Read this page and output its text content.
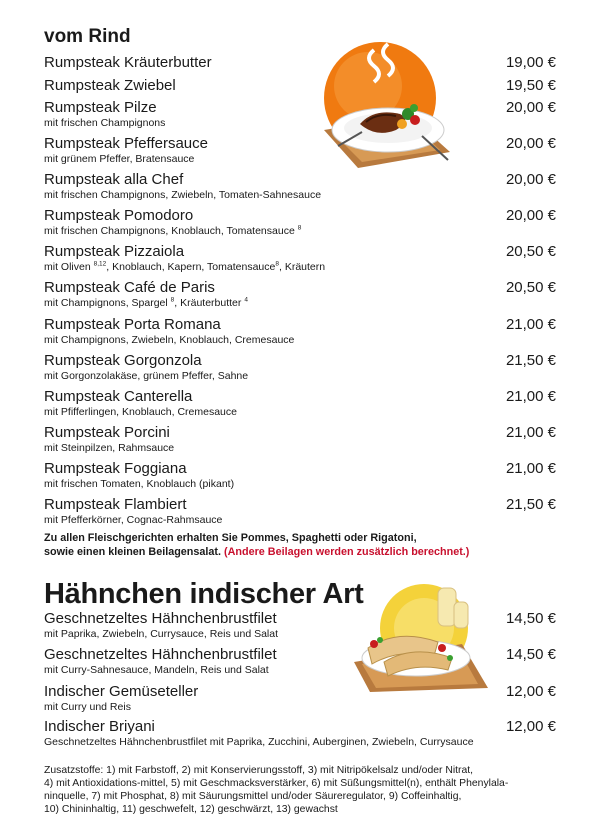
vom Rind
Rumpsteak Kräuterbutter	19,00 €
Rumpsteak Zwiebel	19,50 €
Rumpsteak Pilze
mit frischen Champignons
20,00 €
Rumpsteak Pfeffersauce
mit grünem Pfeffer, Bratensauce
20,00 €
Rumpsteak alla Chef
mit frischen Champignons, Zwiebeln, Tomaten-Sahnesauce
20,00 €
Rumpsteak Pomodoro
mit frischen Champignons, Knoblauch, Tomatensauce $^8$
20,00 €
Rumpsteak Pizzaiola
mit Oliven $^{8,12}$, Knoblauch, Kapern, Tomatensauce$^8$, Kräutern
20,50 €
Rumpsteak Café de Paris
mit Champignons, Spargel $^8$, Kräuterbutter $^4$
20,50 €
Rumpsteak Porta Romana
mit Champignons, Zwiebeln, Knoblauch, Cremesauce
21,00 €
Rumpsteak Gorgonzola
mit Gorgonzolakäse, grünem Pfeffer, Sahne
21,50 €
Rumpsteak Canterella
mit Pfifferlingen, Knoblauch, Cremesauce
21,00 €
Rumpsteak Porcini
mit Steinpilzen, Rahmsauce
21,00 €
Rumpsteak Foggiana
mit frischen Tomaten, Knoblauch (pikant)
21,00 €
Rumpsteak Flambiert
mit Pfefferkörner, Cognac-Rahmsauce
21,50 €
Zu allen Fleischgerichten erhalten Sie Pommes, Spaghetti oder Rigatoni,
sowie einen kleinen Beilagensalat. (Andere Beilagen werden zusätzlich berechnet.)
Hähnchen indischer Art
Geschnetzeltes Hähnchenbrustfilet
mit Paprika, Zwiebeln, Currysauce, Reis und Salat
14,50 €
Geschnetzeltes Hähnchenbrustfilet
mit Curry-Sahnesauce, Mandeln, Reis und Salat
14,50 €
Indischer Gemüseteller
mit Curry und Reis
12,00 €
Indischer Briyani
Geschnetzeltes Hähnchenbrustfilet mit Paprika, Zucchini, Auberginen, Zwiebeln, Currysauce
12,00 €
Zusatzstoffe: 1) mit Farbstoff, 2) mit Konservierungsstoff, 3) mit Nitripökelsalz und/oder Nitrat,
4) mit Antioxidations-mittel, 5) mit Geschmacksverstärker, 6) mit Süßungsmittel(n), enthält Phenylala-
ninquelle, 7) mit Phosphat, 8) mit Säurungsmittel und/oder Säureregulator, 9) Coffeinhaltig,
10) Chininhaltig, 11) geschwefelt, 12) geschwärzt, 13) gewachst
